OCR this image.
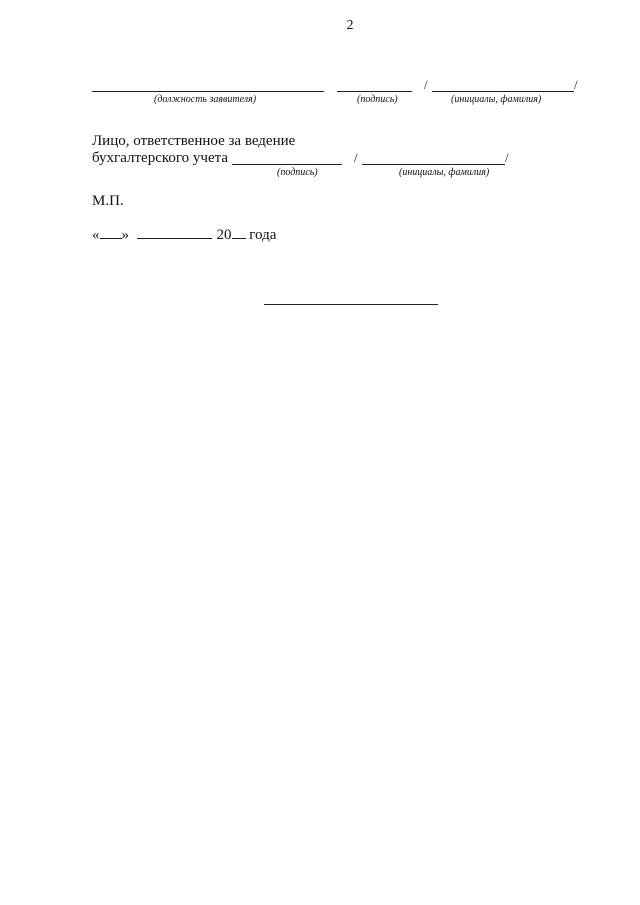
2
/	/
(должность заявителя)	(подпись)	(инициалы, фамилия)
Лицо, ответственное за ведение
бухгалтерского учета	/	/
(подпись)	(инициалы, фамилия)
М.П.
« »	20 года
